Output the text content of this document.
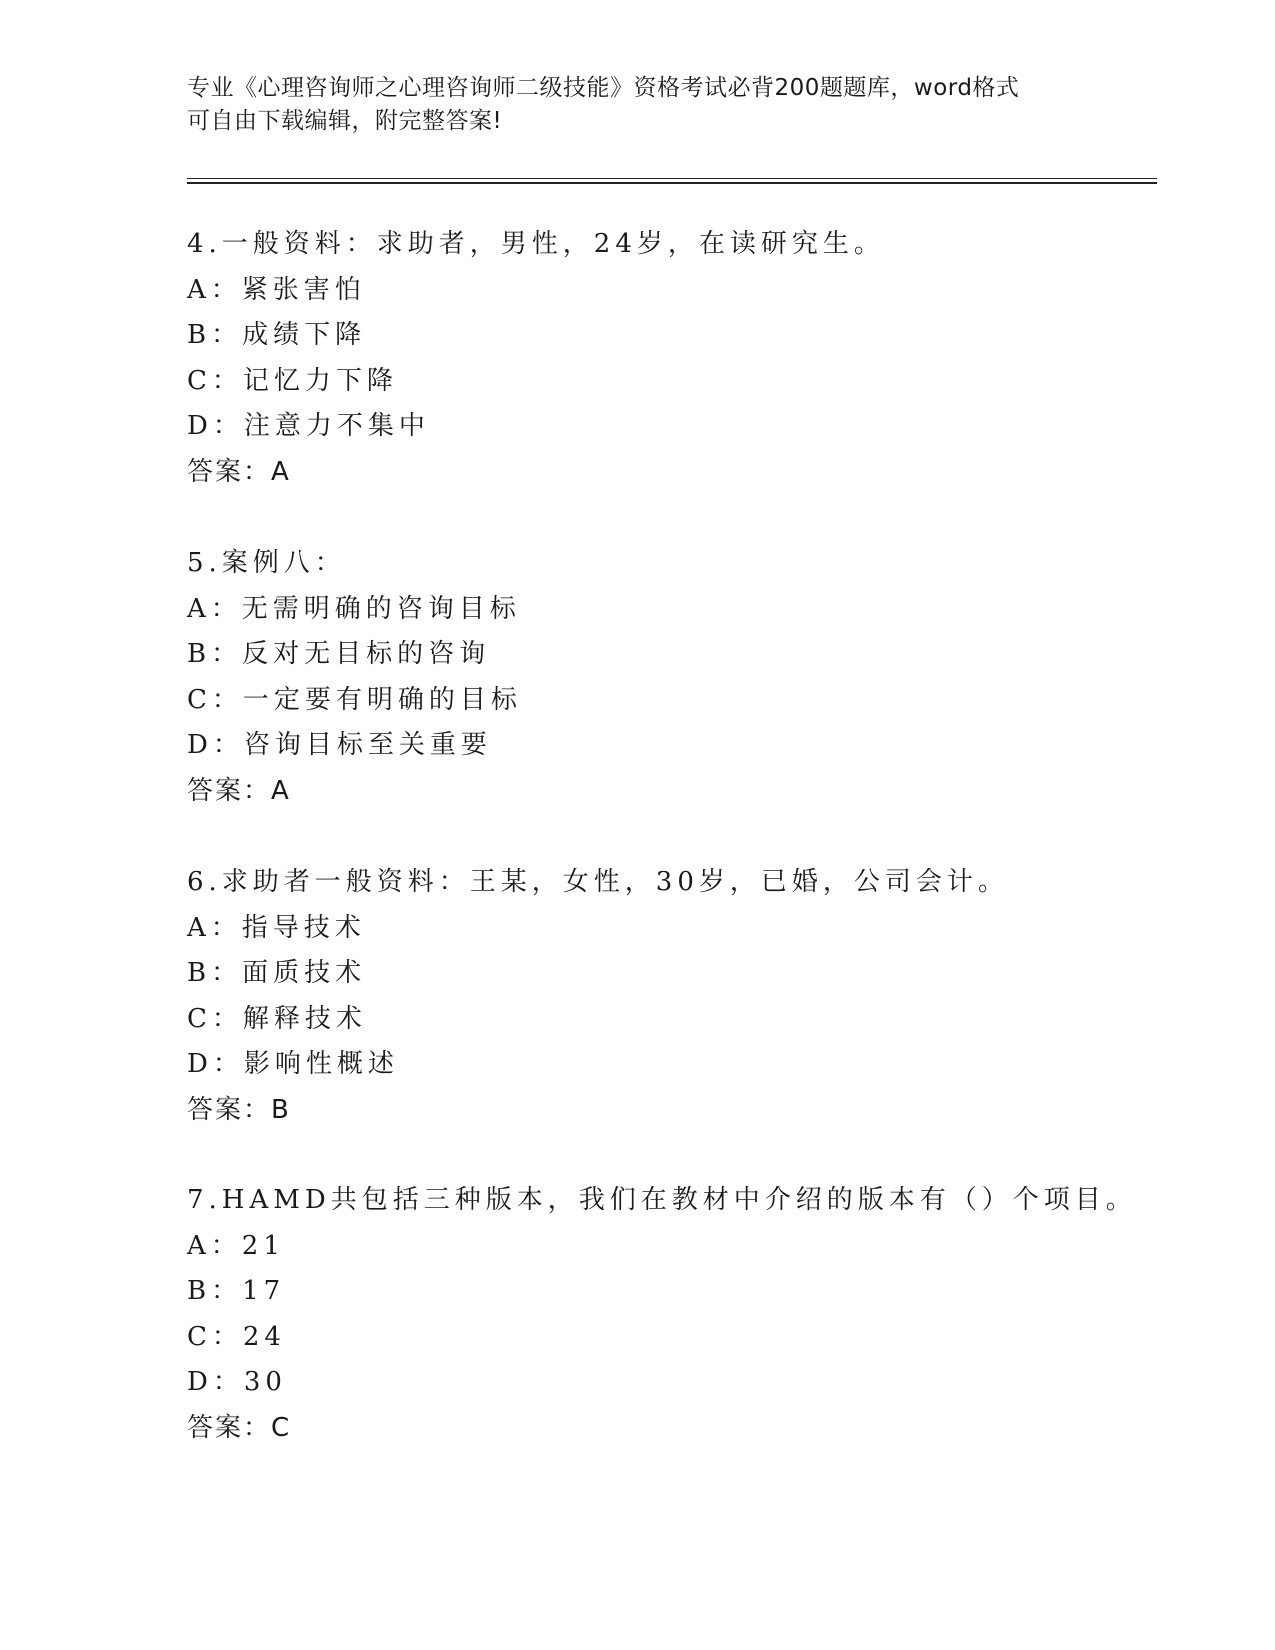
专业《心理咨询师之心理咨询师二级技能》资格考试必背200题题库，word格式
可自由下载编辑，附完整答案!
4.一般资料：求助者，男性，24岁，在读研究生。
A：紧张害怕
B：成绩下降
C：记忆力下降
D：注意力不集中
答案：A
5.案例八：
A：无需明确的咨询目标
B：反对无目标的咨询
C：一定要有明确的目标
D：咨询目标至关重要
答案：A
6.求助者一般资料：王某，女性，30岁，已婚，公司会计。
A：指导技术
B：面质技术
C：解释技术
D：影响性概述
答案：B
7.HAMD共包括三种版本，我们在教材中介绍的版本有（）个项目。
A：21
B：17
C：24
D：30
答案：C
